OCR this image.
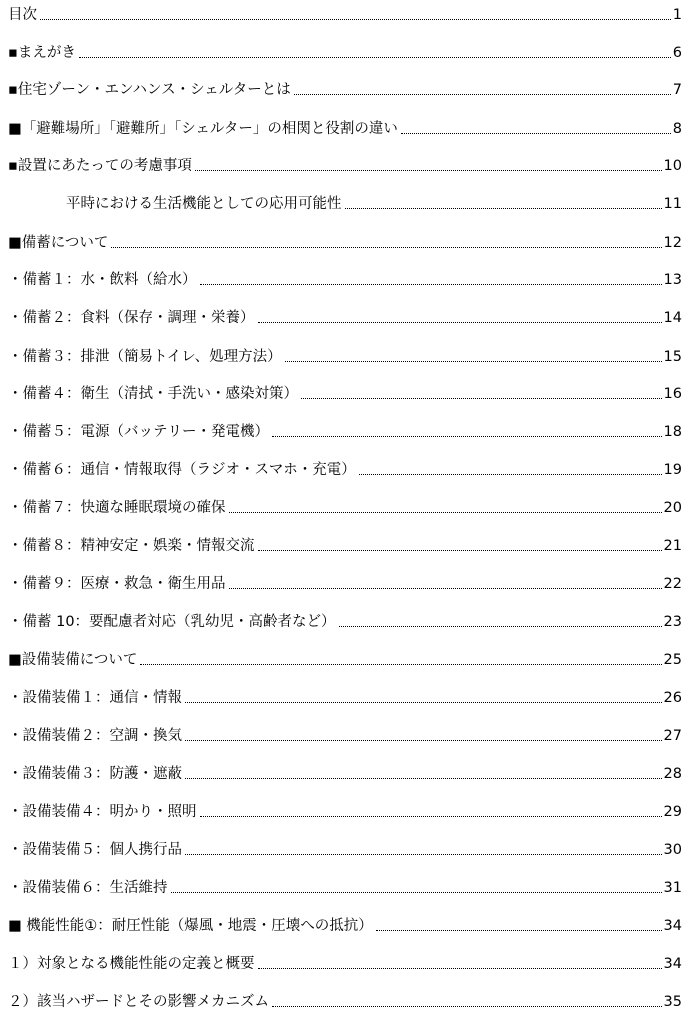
目次	1
▪まえがき	6
▪住宅ゾーン・エンハンス・シェルターとは	7
■「避難場所」「避難所」「シェルター」の相関と役割の違い	8
▪設置にあたっての考慮事項	10
平時における生活機能としての応用可能性	11
■備蓄について	12
・備蓄１：水・飲料（給水）	13
・備蓄２：食料（保存・調理・栄養）	14
・備蓄３：排泄（簡易トイレ、処理方法）	15
・備蓄４：衛生（清拭・手洗い・感染対策）	16
・備蓄５：電源（バッテリー・発電機）	18
・備蓄６：通信・情報取得（ラジオ・スマホ・充電）	19
・備蓄７：快適な睡眠環境の確保	20
・備蓄８：精神安定・娯楽・情報交流	21
・備蓄９：医療・救急・衛生用品	22
・備蓄 10：要配慮者対応（乳幼児・高齢者など）	23
■設備装備について	25
・設備装備１：通信・情報	26
・設備装備２：空調・換気	27
・設備装備３：防護・遮蔽	28
・設備装備４：明かり・照明	29
・設備装備５：個人携行品	30
・設備装備６：生活維持	31
■ 機能性能①：耐圧性能（爆風・地震・圧壊への抵抗）	34
１）対象となる機能性能の定義と概要	34
２）該当ハザードとその影響メカニズム	35
